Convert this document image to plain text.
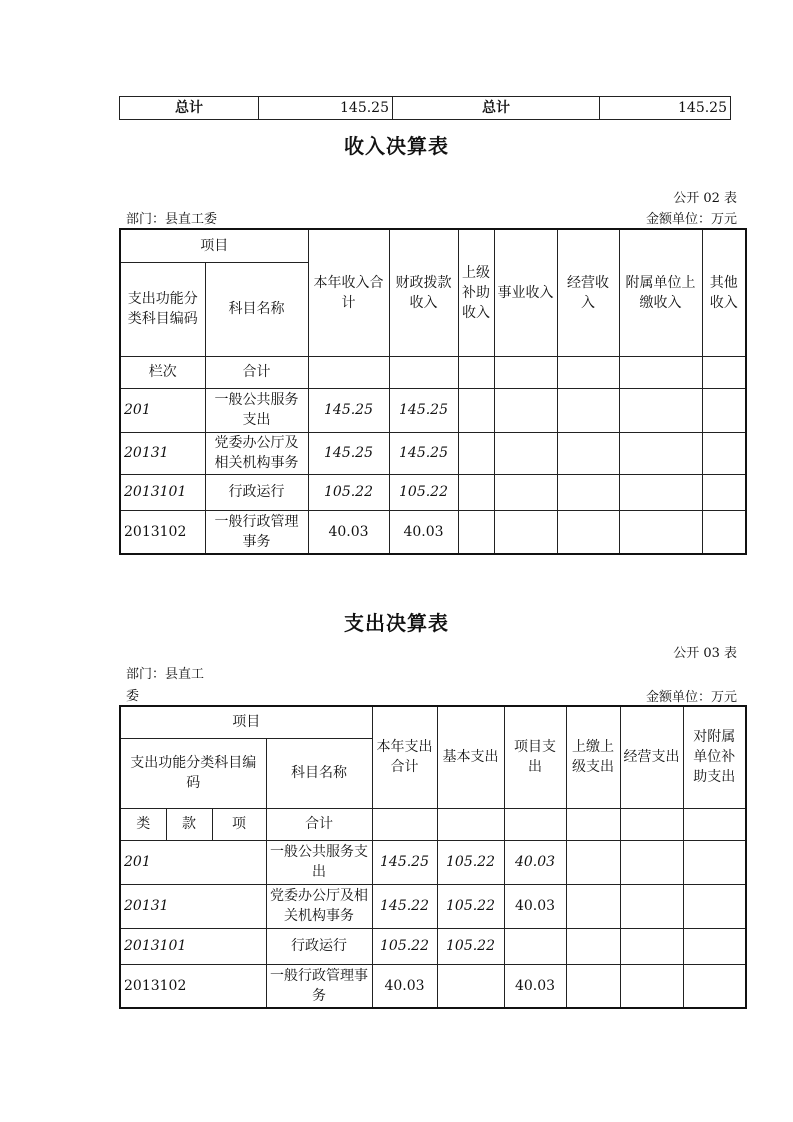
总计	145.25	总计	145.25
收入决算表
公开 02 表
部门：县直工委	金额单位：万元
项目		本年收入合计	财政拨款收入	上级补助收入	事业收入	经营收入	附属单位上缴收入	其他收入
支出功能分类科目编码	科目名称							
栏次	合计							
201	一般公共服务支出	145.25	145.25					
20131	党委办公厅及相关机构事务	145.25	145.25					
2013101	行政运行	105.22	105.22					
2013102	一般行政管理事务	40.03	40.03					
支出决算表
公开 03 表
部门：县直工委	金额单位：万元
项目				本年支出合计	基本支出	项目支出	上缴上级支出	经营支出	对附属单位补助支出
支出功能分类科目编码			科目名称						
类	款	项	合计						
201			一般公共服务支出	145.25	105.22	40.03			
20131			党委办公厅及相关机构事务	145.22	105.22	40.03			
2013101			行政运行	105.22	105.22				
2013102			一般行政管理事务	40.03		40.03			
